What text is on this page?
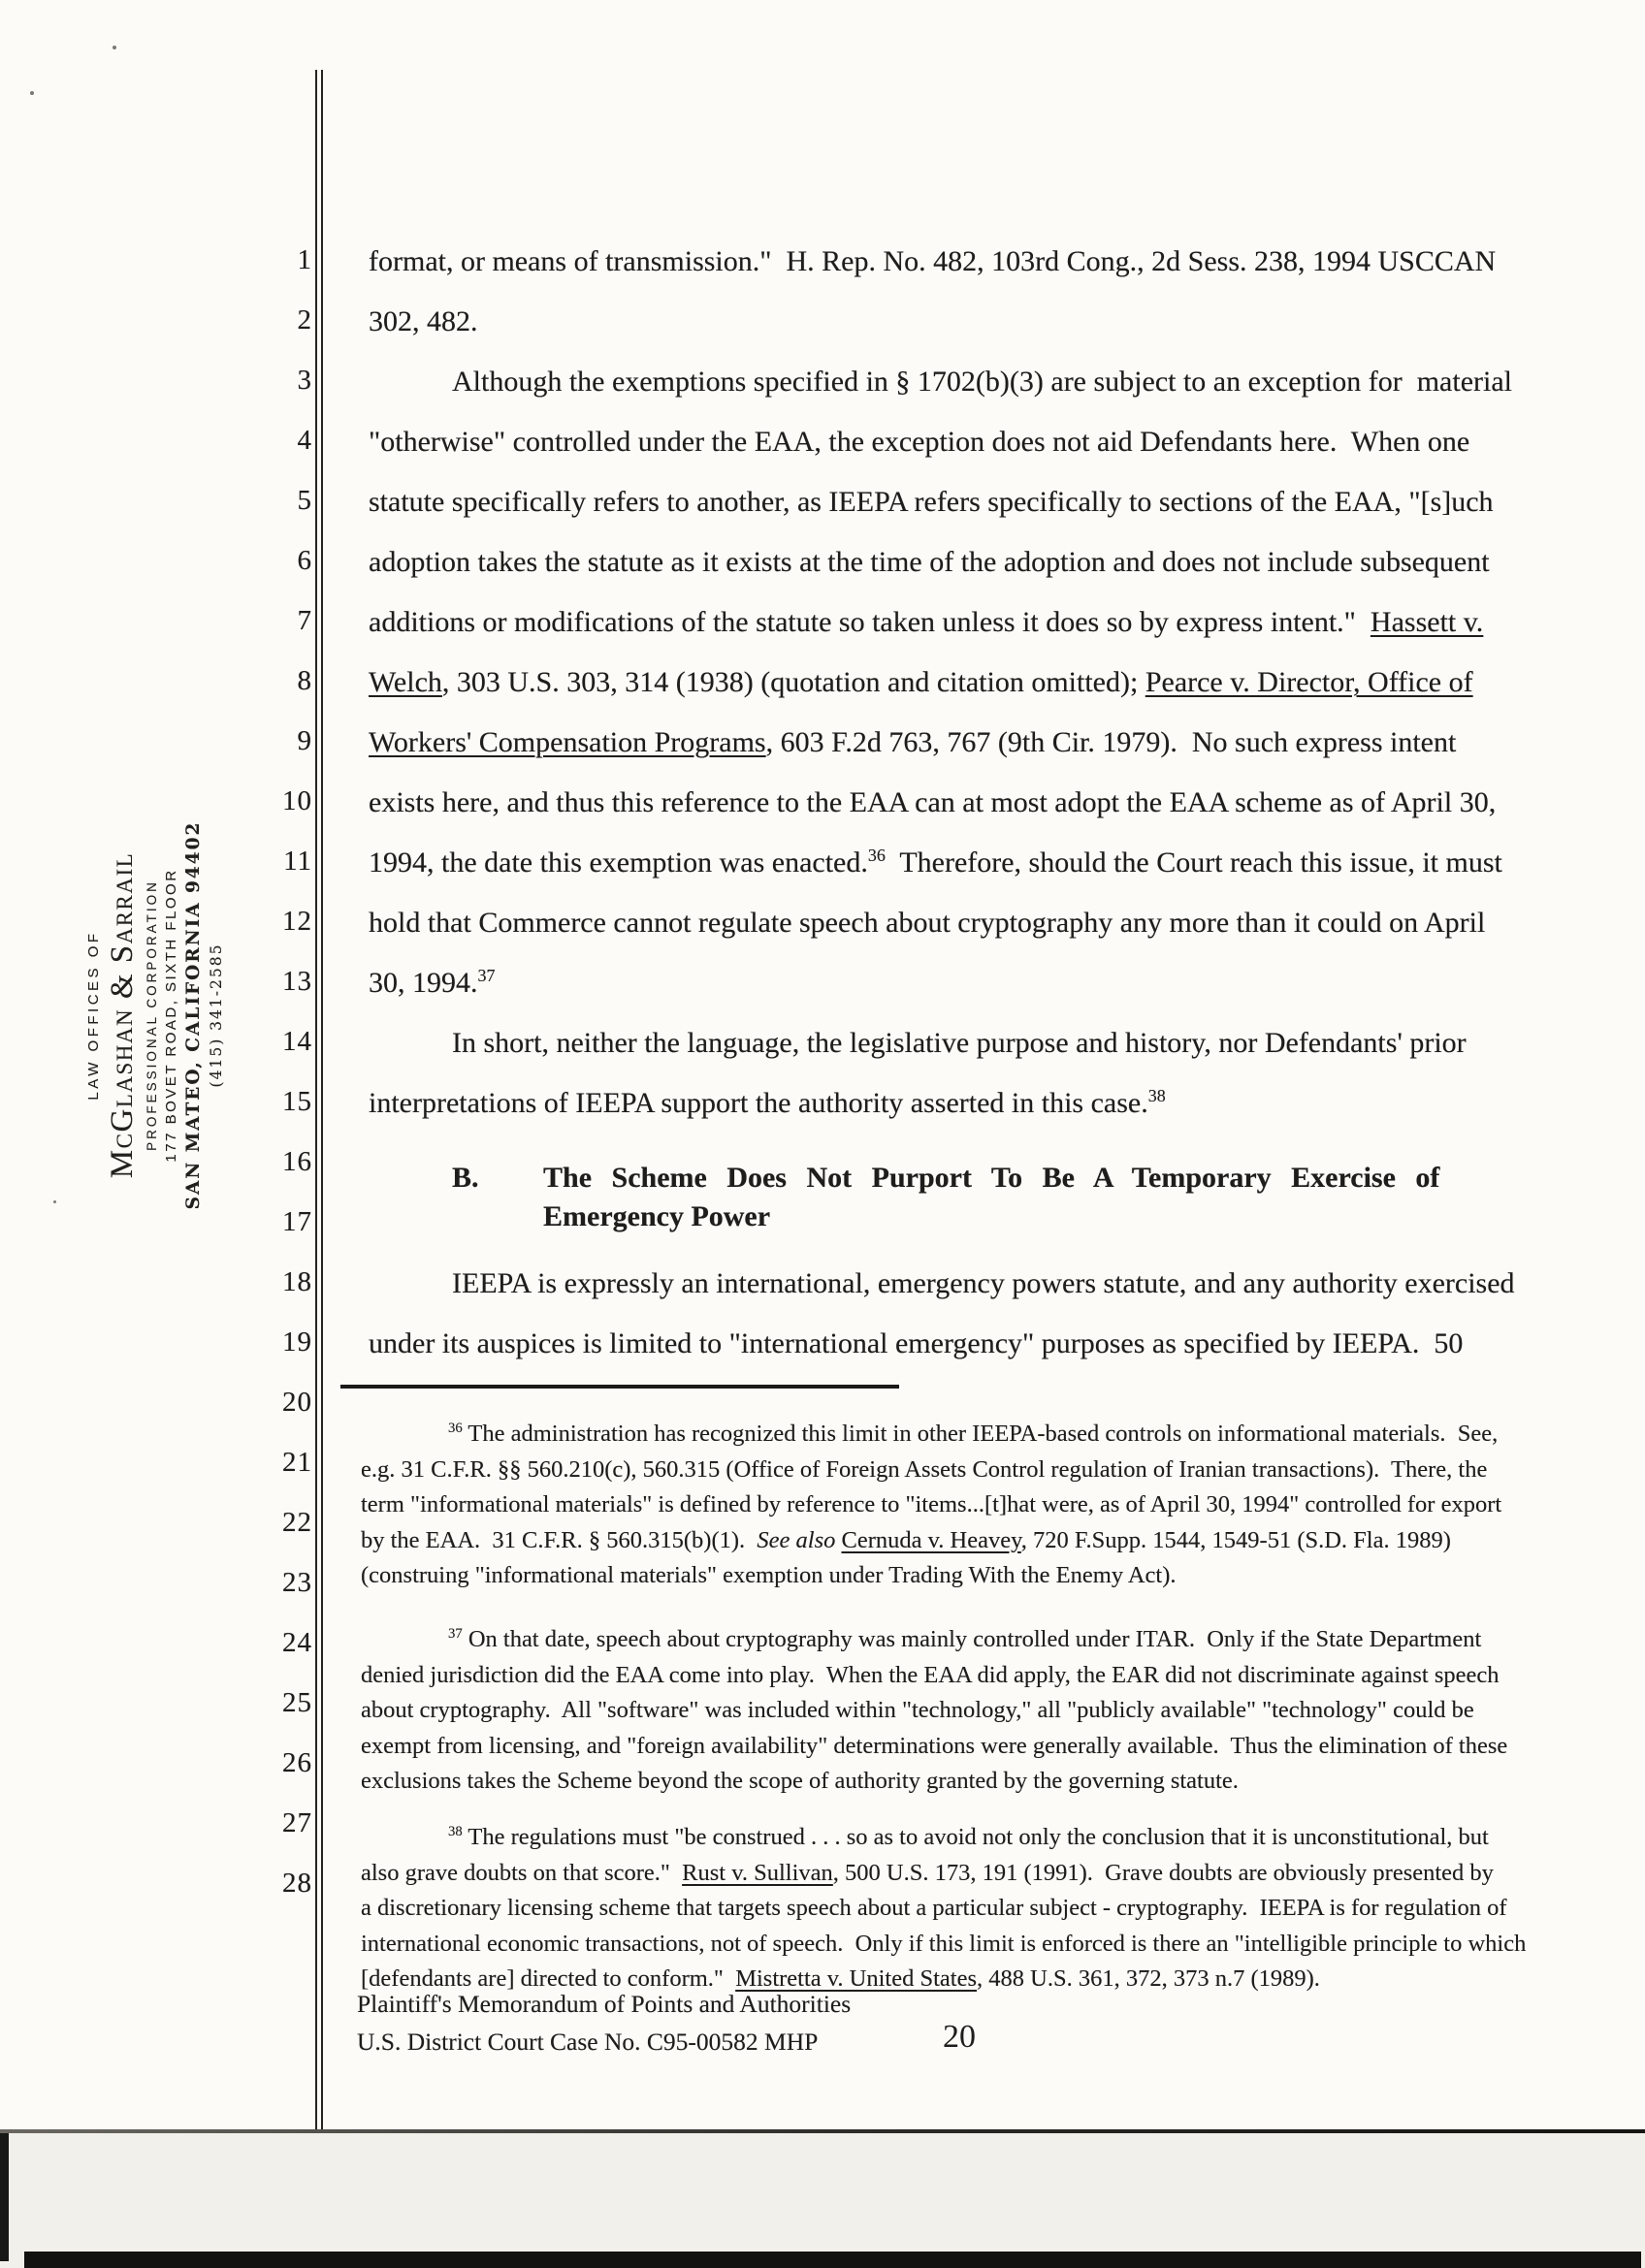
1
2
3
4
5
6
7
8
9
10
11
12
13
14
15
16
17
18
19
20
21
22
23
24
25
26
27
28
LAW OFFICES OF McGlashan & Sarrail PROFESSIONAL CORPORATION 177 BOVET ROAD, SIXTH FLOOR SAN MATEO, CALIFORNIA 94402 (415) 341-2585
format, or means of transmission."  H. Rep. No. 482, 103rd Cong., 2d Sess. 238, 1994 USCCAN
302, 482.
Although the exemptions specified in § 1702(b)(3) are subject to an exception for  material
"otherwise" controlled under the EAA, the exception does not aid Defendants here.  When one
statute specifically refers to another, as IEEPA refers specifically to sections of the EAA, "[s]uch
adoption takes the statute as it exists at the time of the adoption and does not include subsequent
additions or modifications of the statute so taken unless it does so by express intent."  Hassett v.
Welch, 303 U.S. 303, 314 (1938) (quotation and citation omitted); Pearce v. Director, Office of
Workers' Compensation Programs, 603 F.2d 763, 767 (9th Cir. 1979).  No such express intent
exists here, and thus this reference to the EAA can at most adopt the EAA scheme as of April 30,
1994, the date this exemption was enacted.$^{36}$  Therefore, should the Court reach this issue, it must
hold that Commerce cannot regulate speech about cryptography any more than it could on April
30, 1994.37
In short, neither the language, the legislative purpose and history, nor Defendants' prior
interpretations of IEEPA support the authority asserted in this case.$^{38}$
IEEPA is expressly an international, emergency powers statute, and any authority exercised
under its auspices is limited to "international emergency" purposes as specified by IEEPA.  50
B. The Scheme Does Not Purport To Be A Temporary Exercise of
Emergency Power
$^{36}$ The administration has recognized this limit in other IEEPA-based controls on informational materials.  See,
e.g. 31 C.F.R. §§ 560.210(c), 560.315 (Office of Foreign Assets Control regulation of Iranian transactions).  There, the
term "informational materials" is defined by reference to "items...[t]hat were, as of April 30, 1994" controlled for export
by the EAA.  31 C.F.R. § 560.315(b)(1).  See also Cernuda v. Heavey, 720 F.Supp. 1544, 1549-51 (S.D. Fla. 1989)
(construing "informational materials" exemption under Trading With the Enemy Act).
$^{37}$ On that date, speech about cryptography was mainly controlled under ITAR.  Only if the State Department
denied jurisdiction did the EAA come into play.  When the EAA did apply, the EAR did not discriminate against speech
about cryptography.  All "software" was included within "technology," all "publicly available" "technology" could be
exempt from licensing, and "foreign availability" determinations were generally available.  Thus the elimination of these
exclusions takes the Scheme beyond the scope of authority granted by the governing statute.
$^{38}$ The regulations must "be construed . . . so as to avoid not only the conclusion that it is unconstitutional, but
also grave doubts on that score."  Rust v. Sullivan, 500 U.S. 173, 191 (1991).  Grave doubts are obviously presented by
a discretionary licensing scheme that targets speech about a particular subject - cryptography.  IEEPA is for regulation of
international economic transactions, not of speech.  Only if this limit is enforced is there an "intelligible principle to which
[defendants are] directed to conform."  Mistretta v. United States, 488 U.S. 361, 372, 373 n.7 (1989).
Plaintiff's Memorandum of Points and Authorities
U.S. District Court Case No. C95-00582 MHP	20
